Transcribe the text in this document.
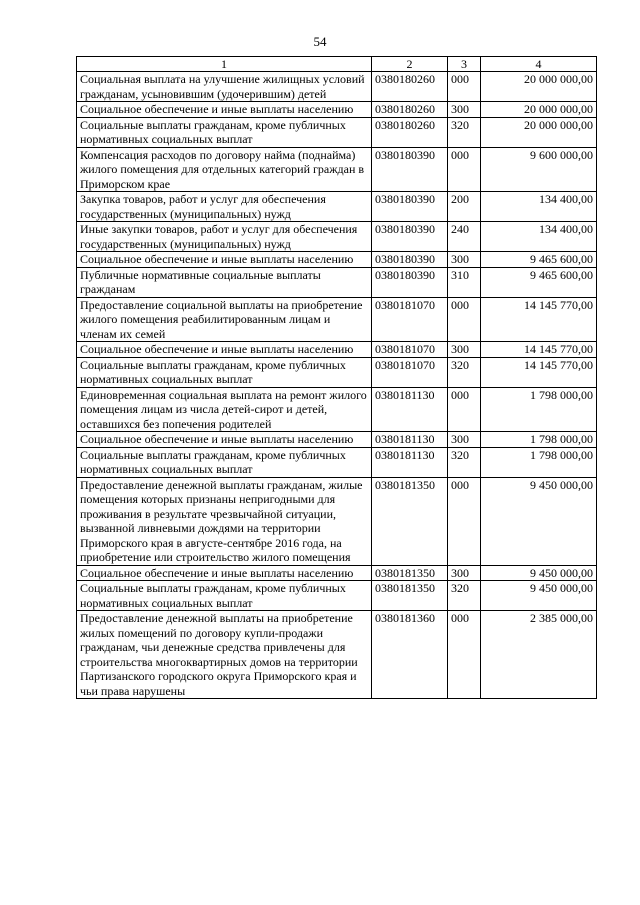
54
1	2	3	4
Социальная выплата на улучшение жилищных условий гражданам, усыновившим (удочерившим) детей	0380180260	000	20 000 000,00
Социальное обеспечение и иные выплаты населению	0380180260	300	20 000 000,00
Социальные выплаты гражданам, кроме публичных нормативных социальных выплат	0380180260	320	20 000 000,00
Компенсация расходов по договору найма (поднайма) жилого помещения для отдельных категорий граждан в Приморском крае	0380180390	000	9 600 000,00
Закупка товаров, работ и услуг для обеспечения государственных (муниципальных) нужд	0380180390	200	134 400,00
Иные закупки товаров, работ и услуг для обеспечения государственных (муниципальных) нужд	0380180390	240	134 400,00
Социальное обеспечение и иные выплаты населению	0380180390	300	9 465 600,00
Публичные нормативные социальные выплаты гражданам	0380180390	310	9 465 600,00
Предоставление социальной выплаты на приобретение жилого помещения реабилитированным лицам и членам их семей	0380181070	000	14 145 770,00
Социальное обеспечение и иные выплаты населению	0380181070	300	14 145 770,00
Социальные выплаты гражданам, кроме публичных нормативных социальных выплат	0380181070	320	14 145 770,00
Единовременная социальная выплата на ремонт жилого помещения лицам из числа детей-сирот и детей, оставшихся без попечения родителей	0380181130	000	1 798 000,00
Социальное обеспечение и иные выплаты населению	0380181130	300	1 798 000,00
Социальные выплаты гражданам, кроме публичных нормативных социальных выплат	0380181130	320	1 798 000,00
Предоставление денежной выплаты гражданам, жилые помещения которых признаны непригодными для проживания в результате чрезвычайной ситуации, вызванной ливневыми дождями на территории Приморского края в августе-сентябре 2016 года, на приобретение или строительство жилого помещения	0380181350	000	9 450 000,00
Социальное обеспечение и иные выплаты населению	0380181350	300	9 450 000,00
Социальные выплаты гражданам, кроме публичных нормативных социальных выплат	0380181350	320	9 450 000,00
Предоставление денежной выплаты на приобретение жилых помещений по договору купли-продажи гражданам, чьи денежные средства привлечены для строительства многоквартирных домов на территории Партизанского городского округа Приморского края и чьи права нарушены	0380181360	000	2 385 000,00
